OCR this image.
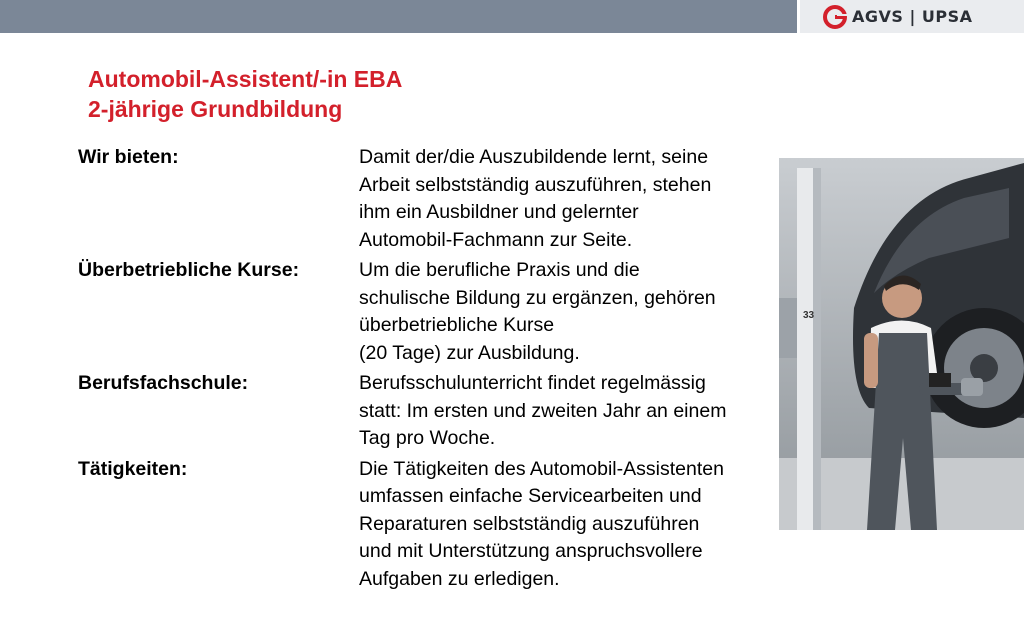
AGVS | UPSA
Automobil-Assistent/-in EBA
2-jährige Grundbildung
Wir bieten:	Damit der/die Auszubildende lernt, seine
Arbeit selbstständig auszuführen, stehen
ihm ein Ausbildner und gelernter
Automobil-Fachmann zur Seite.
Überbetriebliche Kurse:	Um die berufliche Praxis und die
schulische Bildung zu ergänzen, gehören
überbetriebliche Kurse
(20 Tage) zur Ausbildung.
Berufsfachschule:	Berufsschulunterricht findet regelmässig
statt: Im ersten und zweiten Jahr an einem
Tag pro Woche.
Tätigkeiten:	Die Tätigkeiten des Automobil-Assistenten
umfassen einfache Servicearbeiten und
Reparaturen selbstständig auszuführen
und mit Unterstützung anspruchsvollere
Aufgaben zu erledigen.
33
